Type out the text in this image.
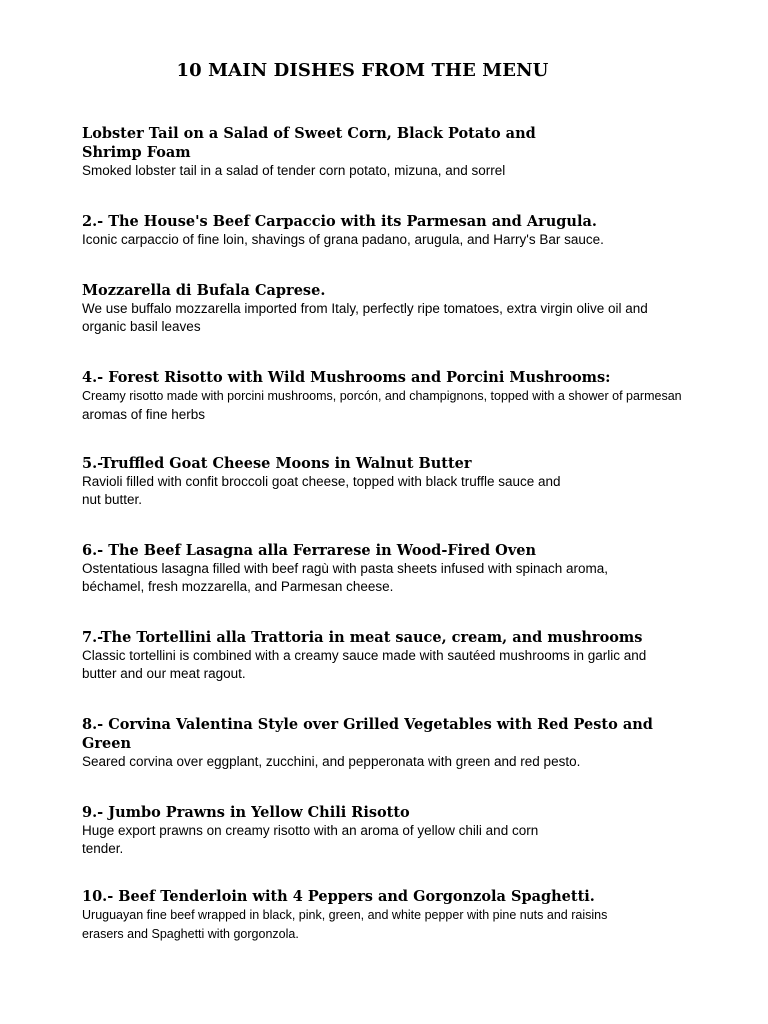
10 MAIN DISHES FROM THE MENU

Lobster Tail on a Salad of Sweet Corn, Black Potato and
Shrimp Foam

Smoked lobster tail in a salad of tender corn potato, mizuna, and sorrel

2.- The House's Beef Carpaccio with its Parmesan and Arugula.

Iconic carpaccio of fine loin, shavings of grana padano, arugula, and Harry's Bar sauce.

Mozzarella di Bufala Caprese.

We use buffalo mozzarella imported from Italy, perfectly ripe tomatoes, extra virgin olive oil and
organic basil leaves

4.- Forest Risotto with Wild Mushrooms and Porcini Mushrooms:

Creamy risotto made with porcini mushrooms, porcón, and champignons, topped with a shower of parmesan
aromas of fine herbs

5.-Truffled Goat Cheese Moons in Walnut Butter

Ravioli filled with confit broccoli goat cheese, topped with black truffle sauce and
nut butter.

6.- The Beef Lasagna alla Ferrarese in Wood-Fired Oven

Ostentatious lasagna filled with beef ragù with pasta sheets infused with spinach aroma,
béchamel, fresh mozzarella, and Parmesan cheese.

7.-The Tortellini alla Trattoria in meat sauce, cream, and mushrooms

Classic tortellini is combined with a creamy sauce made with sautéed mushrooms in garlic and
butter and our meat ragout.

8.- Corvina Valentina Style over Grilled Vegetables with Red Pesto and
Green

Seared corvina over eggplant, zucchini, and pepperonata with green and red pesto.

9.- Jumbo Prawns in Yellow Chili Risotto

Huge export prawns on creamy risotto with an aroma of yellow chili and corn
tender.

10.- Beef Tenderloin with 4 Peppers and Gorgonzola Spaghetti.

Uruguayan fine beef wrapped in black, pink, green, and white pepper with pine nuts and raisins
erasers and Spaghetti with gorgonzola.
